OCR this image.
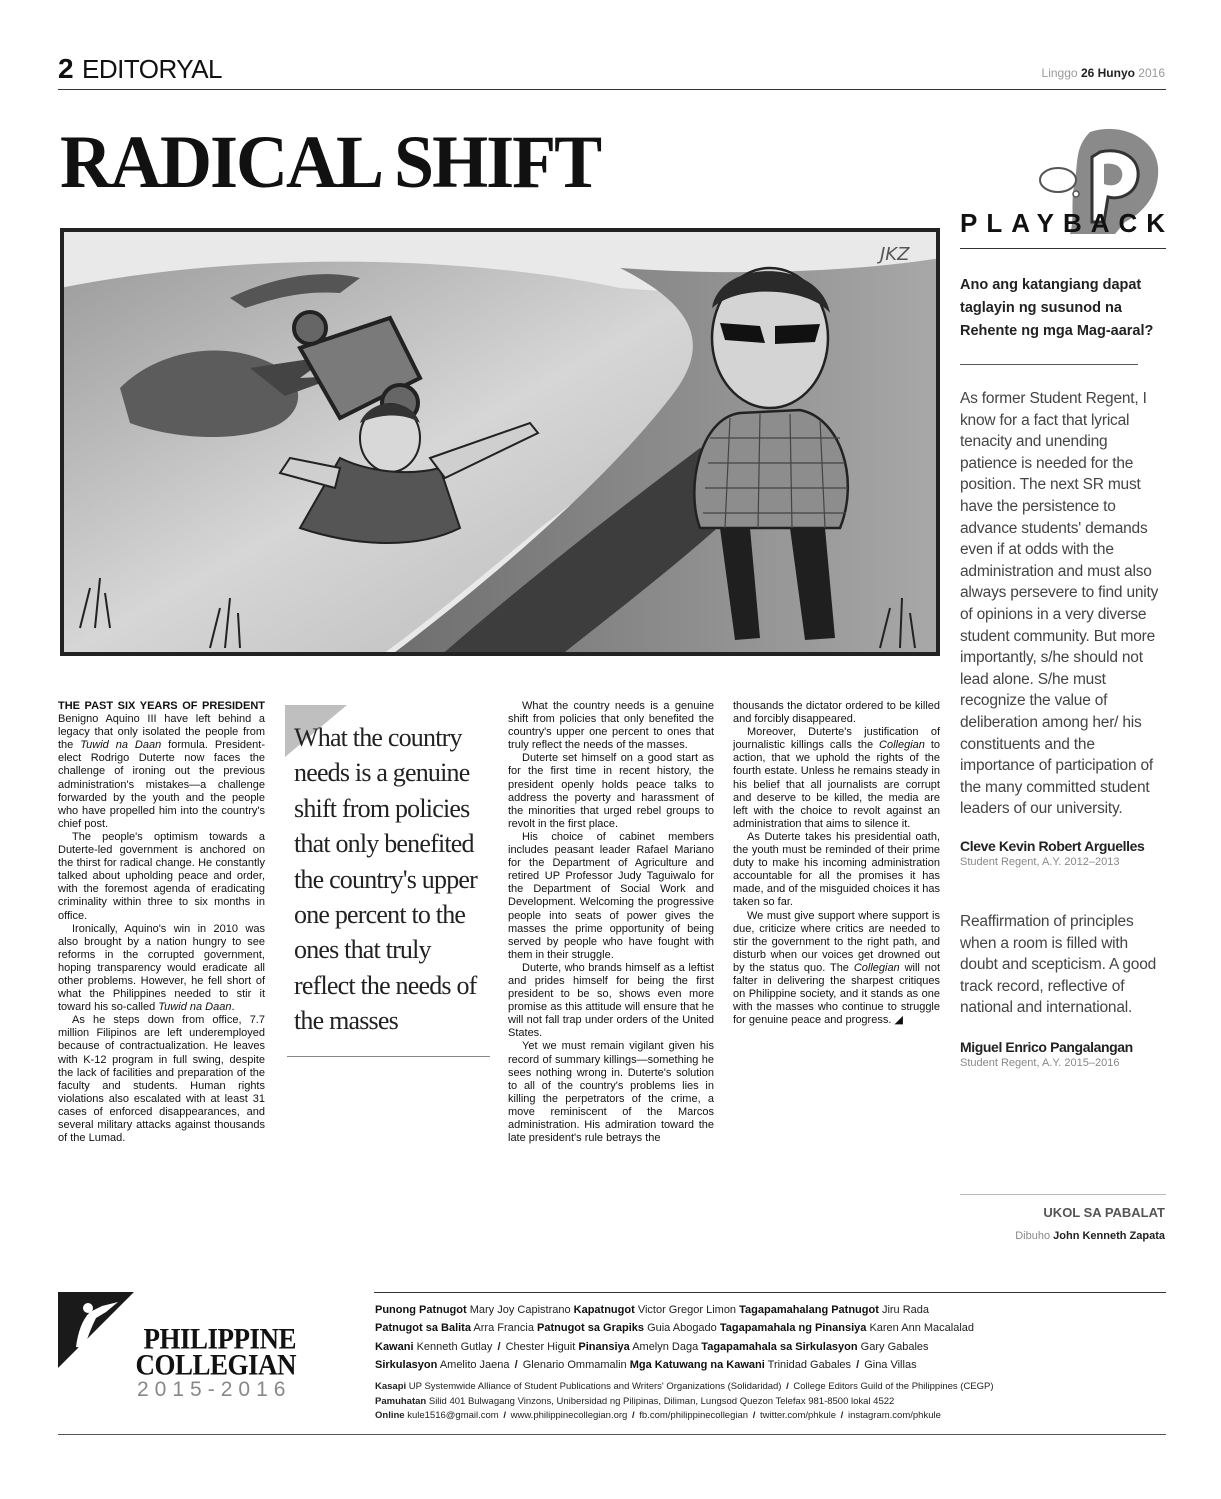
2 EDITORYAL	Linggo 26 Hunyo 2016
RADICAL SHIFT
JKZ

THE PAST SIX YEARS OF PRESIDENT Benigno Aquino III have left behind a legacy that only isolated the people from the Tuwid na Daan formula. President-elect Rodrigo Duterte now faces the challenge of ironing out the previous administration's mistakes—a challenge forwarded by the youth and the people who have propelled him into the country's chief post.

The people's optimism towards a Duterte-led government is anchored on the thirst for radical change. He constantly talked about upholding peace and order, with the foremost agenda of eradicating criminality within three to six months in office.

Ironically, Aquino's win in 2010 was also brought by a nation hungry to see reforms in the corrupted government, hoping transparency would eradicate all other problems. However, he fell short of what the Philippines needed to stir it toward his so-called Tuwid na Daan.

As he steps down from office, 7.7 million Filipinos are left underemployed because of contractualization. He leaves with K-12 program in full swing, despite the lack of facilities and preparation of the faculty and students. Human rights violations also escalated with at least 31 cases of enforced disappearances, and several military attacks against thousands of the Lumad.

What the country needs is a genuine shift from policies that only benefited the country's upper one percent to the ones that truly reflect the needs of the masses

What the country needs is a genuine shift from policies that only benefited the country's upper one percent to ones that truly reflect the needs of the masses.

Duterte set himself on a good start as for the first time in recent history, the president openly holds peace talks to address the poverty and harassment of the minorities that urged rebel groups to revolt in the first place.

His choice of cabinet members includes peasant leader Rafael Mariano for the Department of Agriculture and retired UP Professor Judy Taguiwalo for the Department of Social Work and Development. Welcoming the progressive people into seats of power gives the masses the prime opportunity of being served by people who have fought with them in their struggle.

Duterte, who brands himself as a leftist and prides himself for being the first president to be so, shows even more promise as this attitude will ensure that he will not fall trap under orders of the United States.

Yet we must remain vigilant given his record of summary killings—something he sees nothing wrong in. Duterte's solution to all of the country's problems lies in killing the perpetrators of the crime, a move reminiscent of the Marcos administration. His admiration toward the late president's rule betrays the

thousands the dictator ordered to be killed and forcibly disappeared.

Moreover, Duterte's justification of journalistic killings calls the Collegian to action, that we uphold the rights of the fourth estate. Unless he remains steady in his belief that all journalists are corrupt and deserve to be killed, the media are left with the choice to revolt against an administration that aims to silence it.

As Duterte takes his presidential oath, the youth must be reminded of their prime duty to make his incoming administration accountable for all the promises it has made, and of the misguided choices it has taken so far.

We must give support where support is due, criticize where critics are needed to stir the government to the right path, and disturb when our voices get drowned out by the status quo. The Collegian will not falter in delivering the sharpest critiques on Philippine society, and it stands as one with the masses who continue to struggle for genuine peace and progress. ◢

PLAYBACK

Ano ang katangiang dapat taglayin ng susunod na Rehente ng mga Mag-aaral?

As former Student Regent, I know for a fact that lyrical tenacity and unending patience is needed for the position. The next SR must have the persistence to advance students' demands even if at odds with the administration and must also always persevere to find unity of opinions in a very diverse student community. But more importantly, s/he should not lead alone. S/he must recognize the value of deliberation among her/ his constituents and the importance of participation of the many committed student leaders of our university.

Cleve Kevin Robert Arguelles
Student Regent, A.Y. 2012–2013

Reaffirmation of principles when a room is filled with doubt and scepticism. A good track record, reflective of national and international.

Miguel Enrico Pangalangan
Student Regent, A.Y. 2015–2016
UKOL SA PABALAT
Dibuho John Kenneth Zapata
PHILIPPINE
COLLEGIAN
2015-2016
Punong Patnugot Mary Joy Capistrano Kapatnugot Victor Gregor Limon Tagapamahalang Patnugot Jiru Rada
Patnugot sa Balita Arra Francia Patnugot sa Grapiks Guia Abogado Tagapamahala ng Pinansiya Karen Ann Macalalad
Kawani Kenneth Gutlay / Chester Higuit Pinansiya Amelyn Daga Tagapamahala sa Sirkulasyon Gary Gabales
Sirkulasyon Amelito Jaena / Glenario Ommamalin Mga Katuwang na Kawani Trinidad Gabales / Gina Villas
Kasapi UP Systemwide Alliance of Student Publications and Writers' Organizations (Solidaridad) / College Editors Guild of the Philippines (CEGP)
Pamuhatan Silid 401 Bulwagang Vinzons, Unibersidad ng Pilipinas, Diliman, Lungsod Quezon Telefax 981-8500 lokal 4522
Online kule1516@gmail.com / www.philippinecollegian.org / fb.com/philippinecollegian / twitter.com/phkule / instagram.com/phkule
